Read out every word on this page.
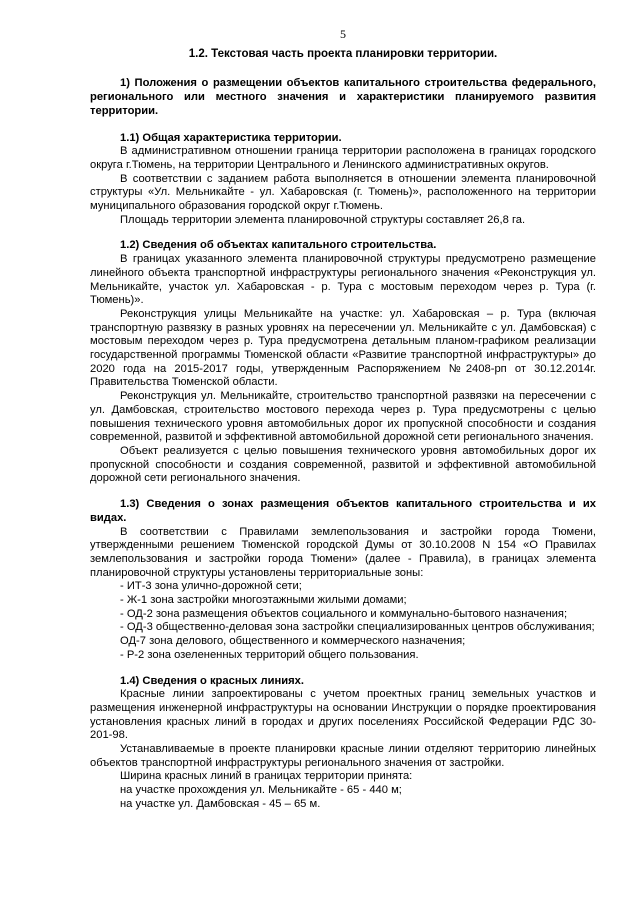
5
1.2. Текстовая часть проекта планировки территории.
1) Положения о размещении объектов капитального строительства федерального, регионального или местного значения и характеристики планируемого развития территории.

1.1) Общая характеристика территории.

В административном отношении граница территории расположена в границах городского округа г.Тюмень, на территории Центрального и Ленинского административных округов.

В соответствии с заданием работа выполняется в отношении элемента планировочной структуры «Ул. Мельникайте - ул. Хабаровская (г. Тюмень)», расположенного на территории муниципального образования городской округ г.Тюмень.

Площадь территории элемента планировочной структуры составляет 26,8 га.

1.2) Сведения об объектах капитального строительства.

В границах указанного элемента планировочной структуры предусмотрено размещение линейного объекта транспортной инфраструктуры регионального значения «Реконструкция ул. Мельникайте, участок ул. Хабаровская - р. Тура с мостовым переходом через р. Тура (г. Тюмень)».

Реконструкция улицы Мельникайте на участке: ул. Хабаровская – р. Тура (включая транспортную развязку в разных уровнях на пересечении ул. Мельникайте с ул. Дамбовская) с мостовым переходом через р. Тура предусмотрена детальным планом-графиком реализации государственной программы Тюменской области «Развитие транспортной инфраструктуры» до 2020 года на 2015-2017 годы, утвержденным Распоряжением №2408-рп от 30.12.2014г. Правительства Тюменской области.

Реконструкция ул. Мельникайте, строительство транспортной развязки на пересечении с ул. Дамбовская, строительство мостового перехода через р. Тура предусмотрены с целью повышения технического уровня автомобильных дорог их пропускной способности и создания современной, развитой и эффективной автомобильной дорожной сети регионального значения.

Объект реализуется с целью повышения технического уровня автомобильных дорог их пропускной способности и создания современной, развитой и эффективной автомобильной дорожной сети регионального значения.

1.3) Сведения о зонах размещения объектов капитального строительства и их видах.

В соответствии с Правилами землепользования и застройки города Тюмени, утвержденными решением Тюменской городской Думы от 30.10.2008 N 154 «О Правилах землепользования и застройки города Тюмени» (далее - Правила), в границах элемента планировочной структуры установлены территориальные зоны:

- ИТ-3 зона улично-дорожной сети;

- Ж-1 зона застройки многоэтажными жилыми домами;

- ОД-2 зона размещения объектов социального и коммунально-бытового назначения;

- ОД-3 общественно-деловая зона застройки специализированных центров обслуживания;

ОД-7 зона делового, общественного и коммерческого назначения;

- Р-2 зона озелененных территорий общего пользования.

1.4) Сведения о красных линиях.

Красные линии запроектированы с учетом проектных границ земельных участков и размещения инженерной инфраструктуры на основании Инструкции о порядке проектирования установления красных линий в городах и других поселениях Российской Федерации РДС 30-201-98.

Устанавливаемые в проекте планировки красные линии отделяют территорию линейных объектов транспортной инфраструктуры регионального значения от застройки.

Ширина красных линий в границах территории принята:

на участке прохождения ул. Мельникайте - 65 - 440 м;

на участке ул. Дамбовская - 45 – 65 м.
